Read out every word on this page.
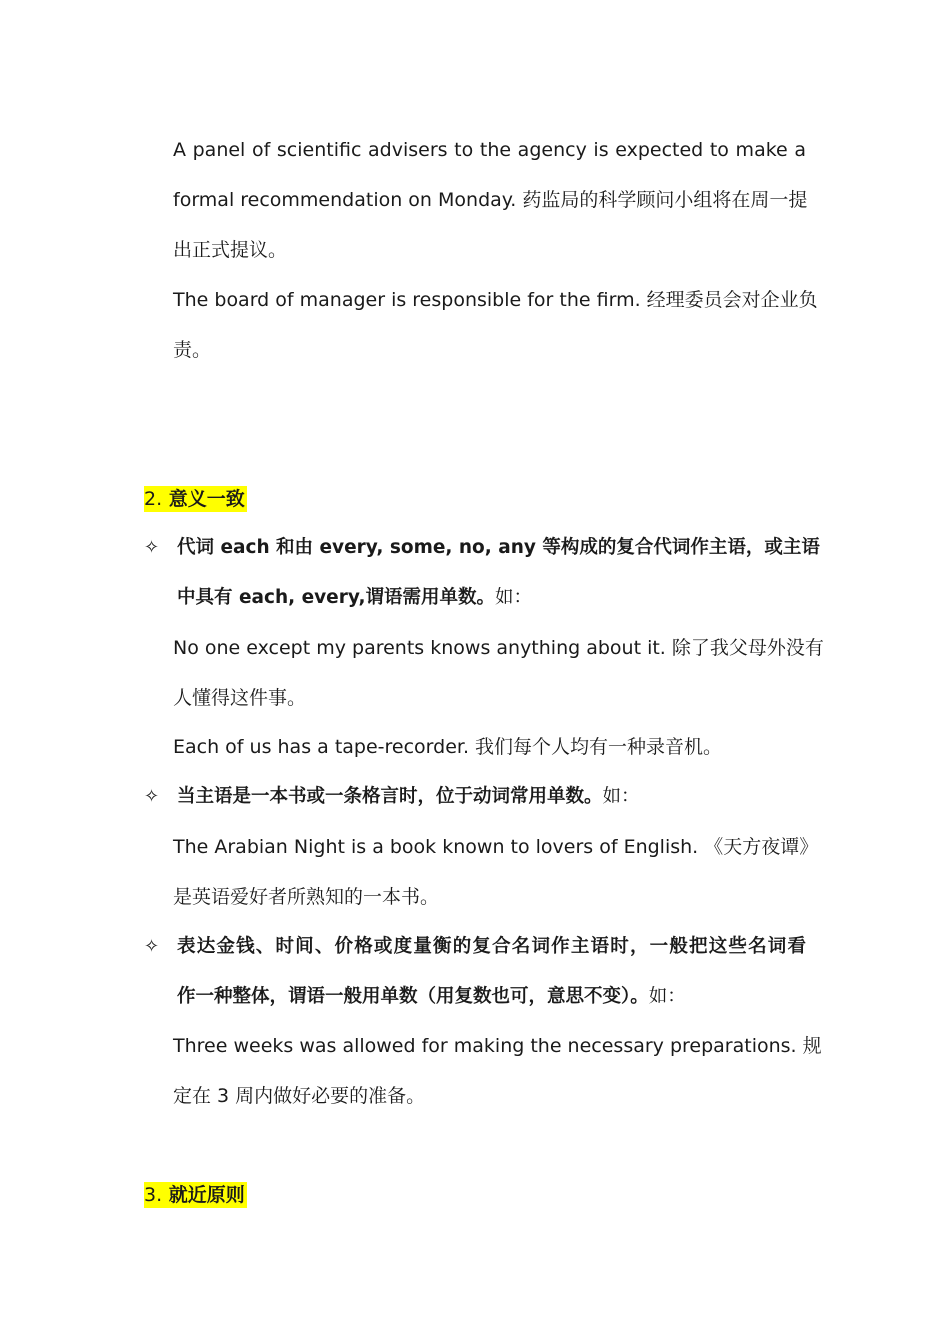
A panel of scientific advisers to the agency is expected to make a
formal recommendation on Monday. 药监局的科学顾问小组将在周一提
出正式提议。
The board of manager is responsible for the firm. 经理委员会对企业负
责。
2. 意义一致
✧ 代词 each 和由 every, some, no, any 等构成的复合代词作主语，或主语
中具有 each, every,谓语需用单数。如：
No one except my parents knows anything about it. 除了我父母外没有
人懂得这件事。
Each of us has a tape-recorder. 我们每个人均有一种录音机。
✧ 当主语是一本书或一条格言时，位于动词常用单数。如：
The Arabian Night is a book known to lovers of English. 《天方夜谭》
是英语爱好者所熟知的一本书。
✧ 表达金钱、时间、价格或度量衡的复合名词作主语时，一般把这些名词看
作一种整体，谓语一般用单数（用复数也可，意思不变）。如：
Three weeks was allowed for making the necessary preparations. 规
定在 3 周内做好必要的准备。
3. 就近原则
